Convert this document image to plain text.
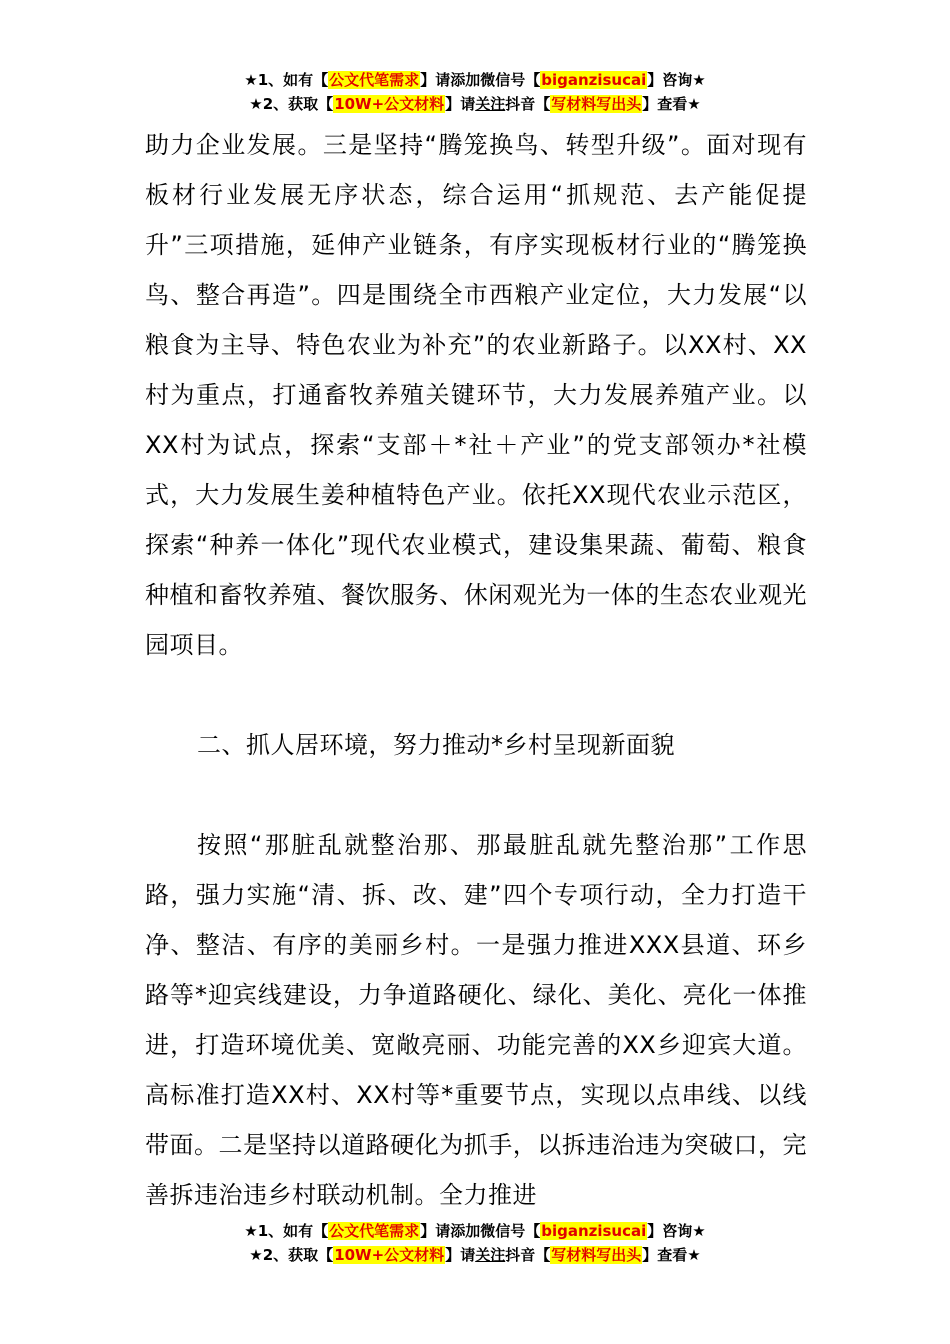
★1、如有【公文代笔需求】请添加微信号【biganzisucai】咨询★
★2、获取【10W+公文材料】请关注抖音【写材料写出头】查看★

助力企业发展。三是坚持“腾笼换鸟、转型升级”。面对现有板材行业发展无序状态，综合运用“抓规范、去产能促提升”三项措施，延伸产业链条，有序实现板材行业的“腾笼换鸟、整合再造”。四是围绕全市西粮产业定位，大力发展“以粮食为主导、特色农业为补充”的农业新路子。以XX村、XX村为重点，打通畜牧养殖关键环节，大力发展养殖产业。以XX村为试点，探索“支部＋*社＋产业”的党支部领办*社模式，大力发展生姜种植特色产业。依托XX现代农业示范区，探索“种养一体化”现代农业模式，建设集果蔬、葡萄、粮食种植和畜牧养殖、餐饮服务、休闲观光为一体的生态农业观光园项目。

二、抓人居环境，努力推动*乡村呈现新面貌

按照“那脏乱就整治那、那最脏乱就先整治那”工作思路，强力实施“清、拆、改、建”四个专项行动，全力打造干净、整洁、有序的美丽乡村。一是强力推进XXX县道、环乡路等*迎宾线建设，力争道路硬化、绿化、美化、亮化一体推进，打造环境优美、宽敞亮丽、功能完善的XX乡迎宾大道。高标准打造XX村、XX村等*重要节点，实现以点串线、以线带面。二是坚持以道路硬化为抓手，以拆违治违为突破口，完善拆违治违乡村联动机制。全力推进

★1、如有【公文代笔需求】请添加微信号【biganzisucai】咨询★
★2、获取【10W+公文材料】请关注抖音【写材料写出头】查看★
